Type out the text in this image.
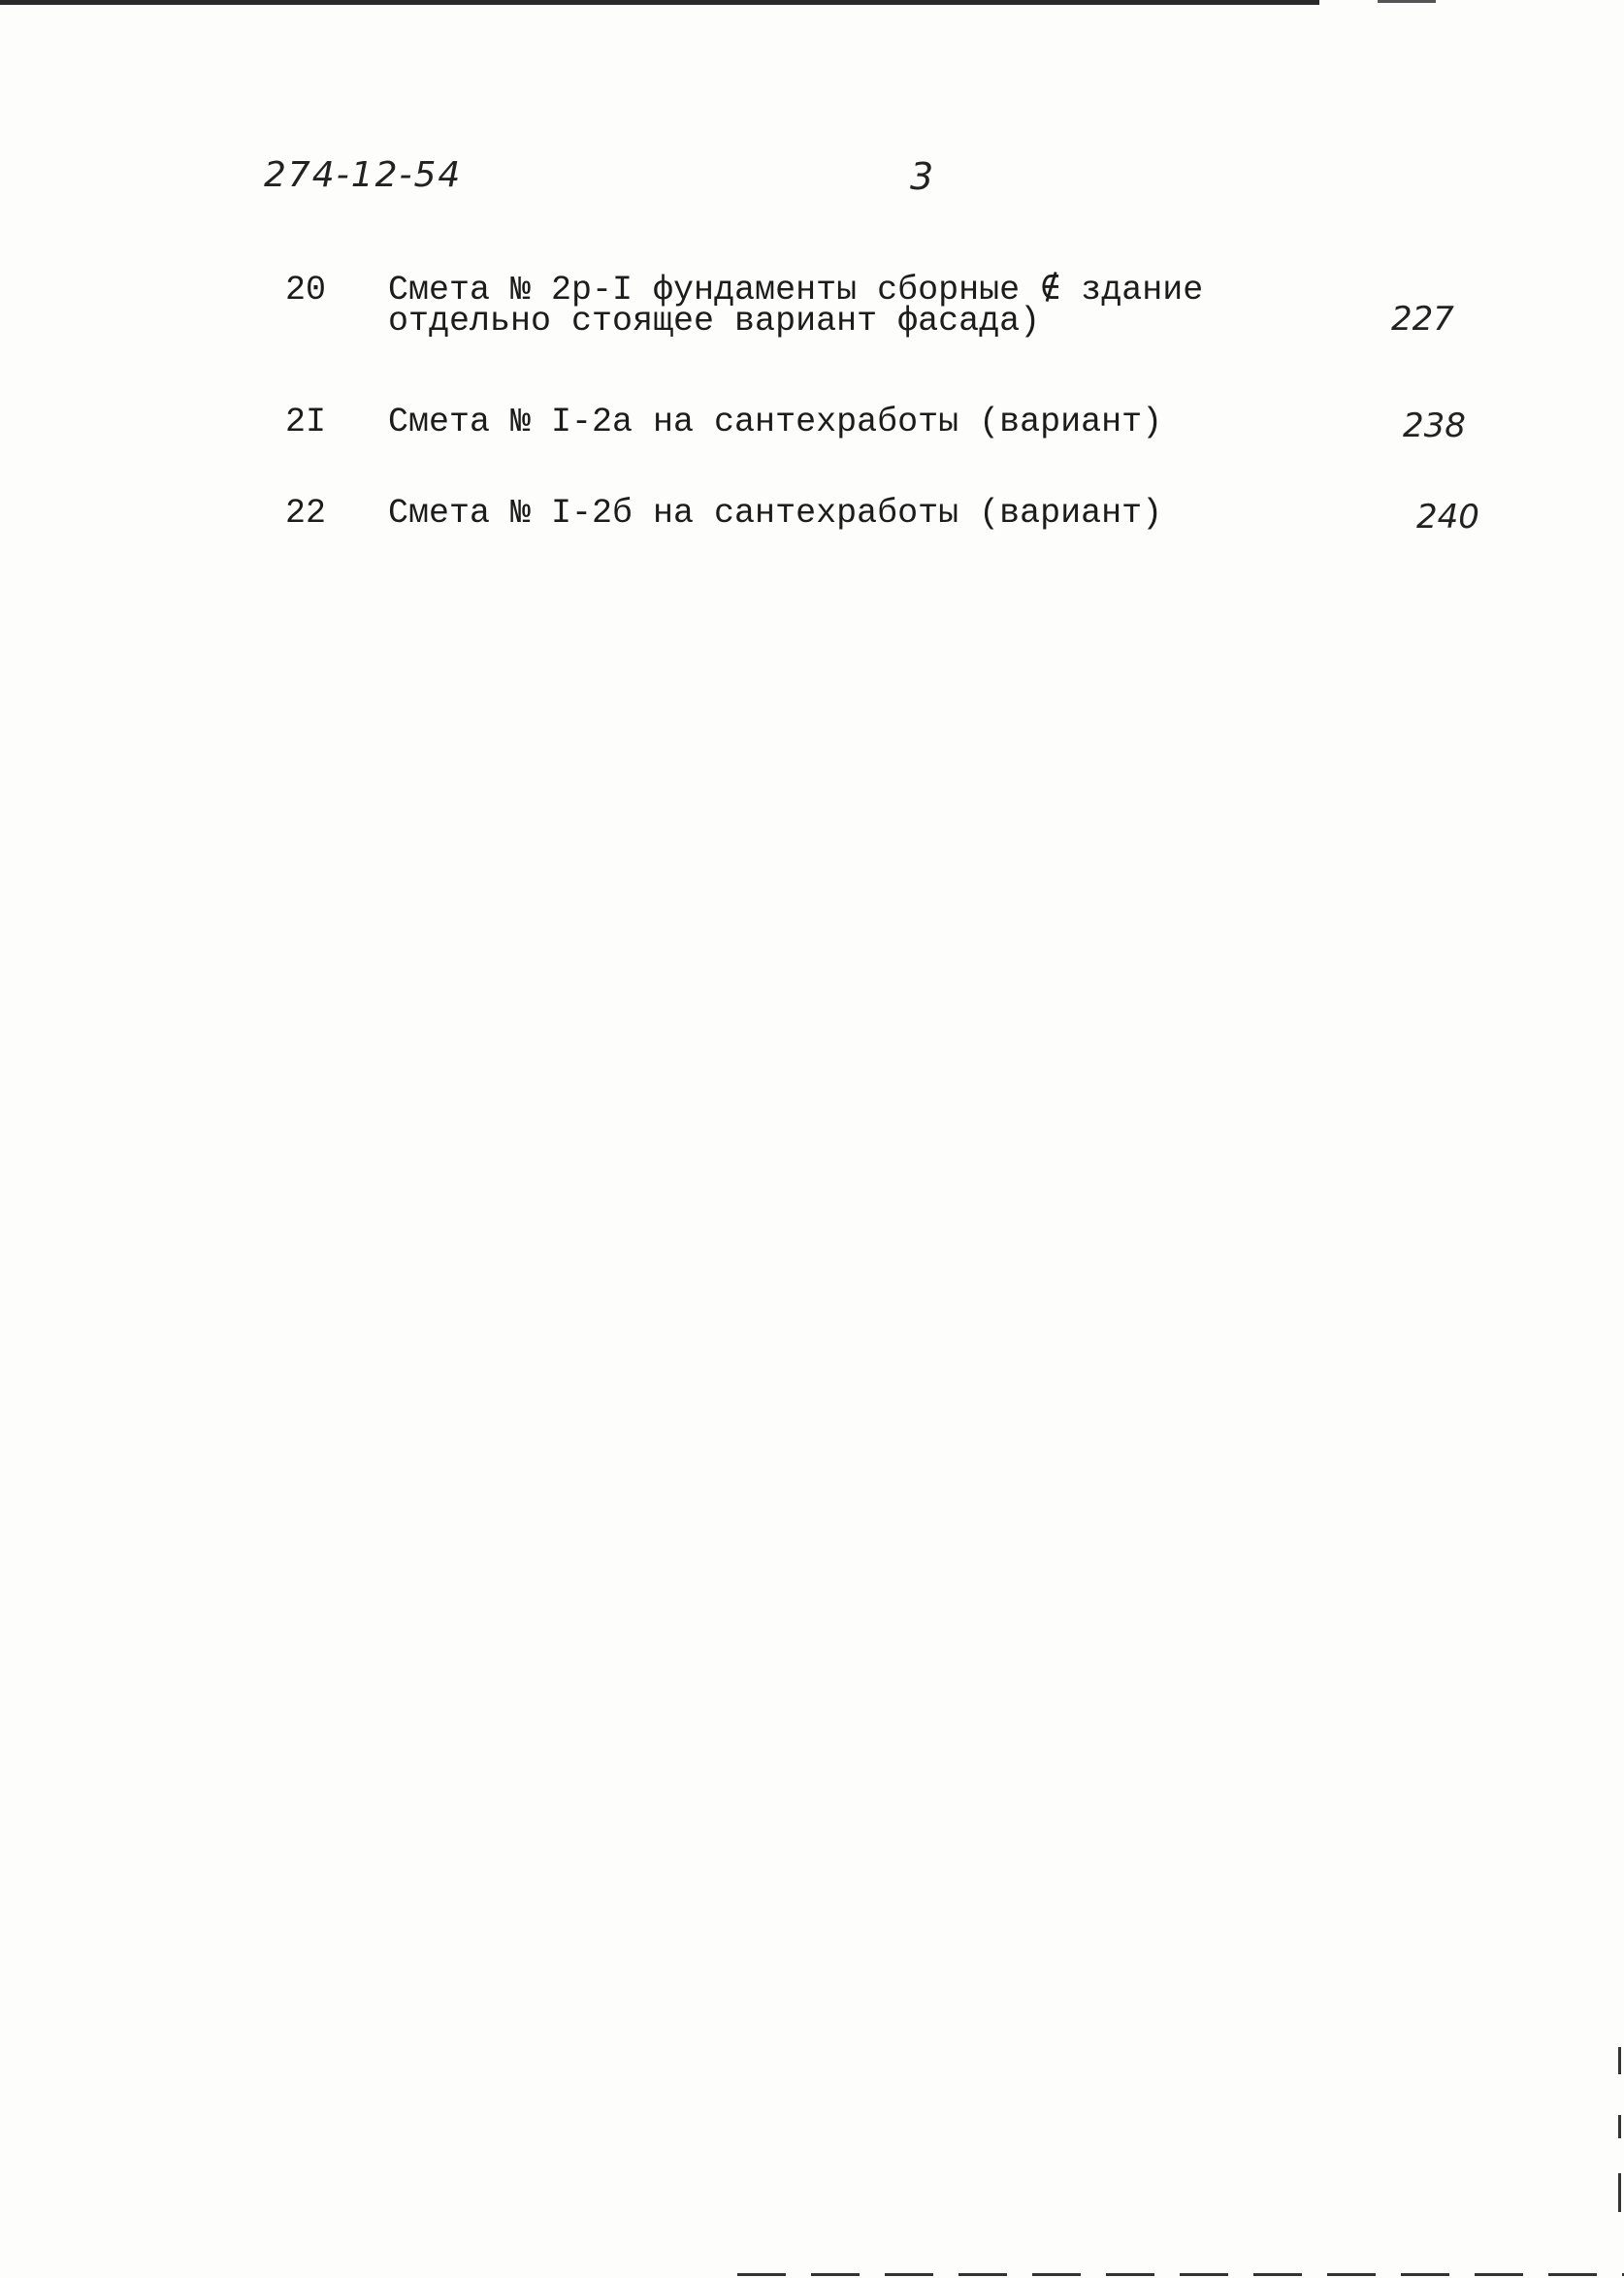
274-12-54	3
20 Смета № 2р-I фундаменты сборные ∉ здание
отдельно стоящее вариант фасада)	227
2I Смета № I-2а на сантехработы (вариант)	238
22 Смета № I-2б на сантехработы (вариант)	240
